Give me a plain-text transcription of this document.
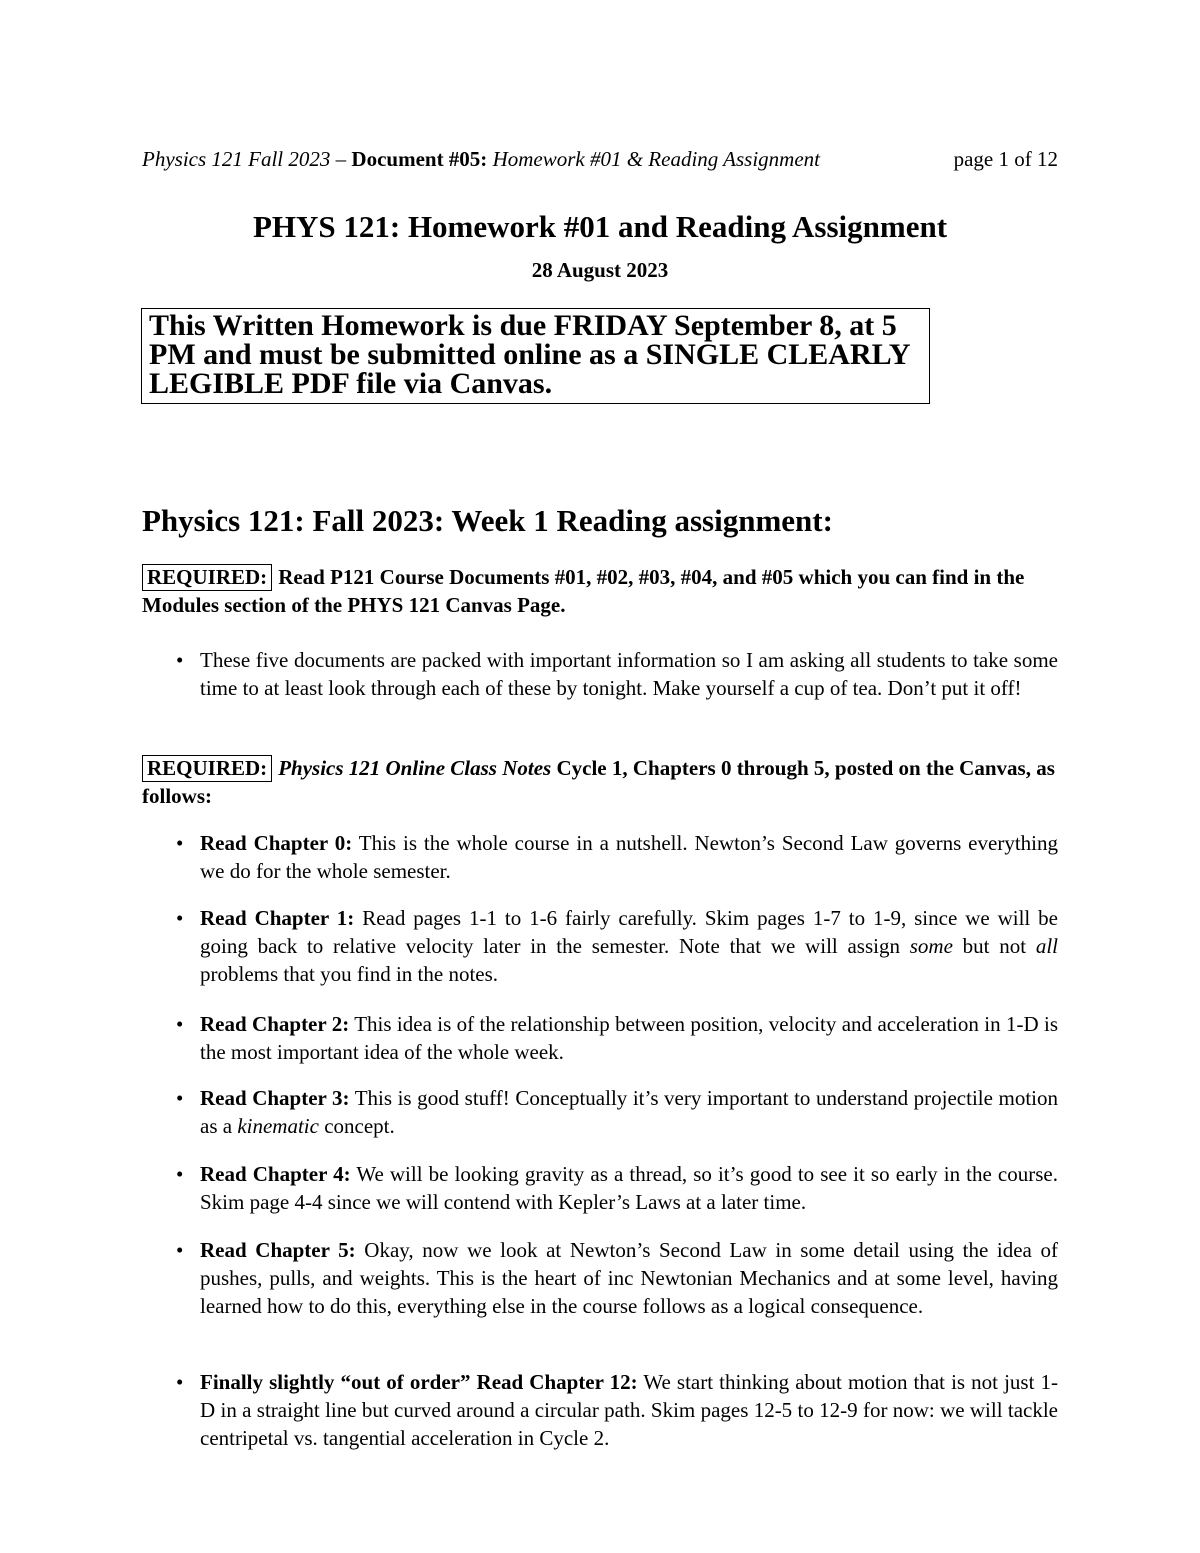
Physics 121 Fall 2023 – Document #05: Homework #01 & Reading Assignment	page 1 of 12
PHYS 121: Homework #01 and Reading Assignment
28 August 2023
This Written Homework is due FRIDAY September 8, at 5 PM and must be submitted online as a SINGLE CLEARLY LEGIBLE PDF file via Canvas.
Physics 121: Fall 2023: Week 1 Reading assignment:
REQUIRED: Read P121 Course Documents #01, #02, #03, #04, and #05 which you can find in the Modules section of the PHYS 121 Canvas Page.
• These five documents are packed with important information so I am asking all students to take some time to at least look through each of these by tonight. Make yourself a cup of tea. Don’t put it off!
REQUIRED: Physics 121 Online Class Notes Cycle 1, Chapters 0 through 5, posted on the Canvas, as follows:
• Read Chapter 0: This is the whole course in a nutshell. Newton’s Second Law governs everything we do for the whole semester.
• Read Chapter 1: Read pages 1-1 to 1-6 fairly carefully. Skim pages 1-7 to 1-9, since we will be going back to relative velocity later in the semester. Note that we will assign some but not all problems that you find in the notes.
• Read Chapter 2: This idea is of the relationship between position, velocity and acceleration in 1-D is the most important idea of the whole week.
• Read Chapter 3: This is good stuff! Conceptually it’s very important to understand projectile motion as a kinematic concept.
• Read Chapter 4: We will be looking gravity as a thread, so it’s good to see it so early in the course. Skim page 4-4 since we will contend with Kepler’s Laws at a later time.
• Read Chapter 5: Okay, now we look at Newton’s Second Law in some detail using the idea of pushes, pulls, and weights. This is the heart of inc Newtonian Mechanics and at some level, having learned how to do this, everything else in the course follows as a logical consequence.
• Finally slightly “out of order” Read Chapter 12: We start thinking about motion that is not just 1-D in a straight line but curved around a circular path. Skim pages 12-5 to 12-9 for now: we will tackle centripetal vs. tangential acceleration in Cycle 2.
